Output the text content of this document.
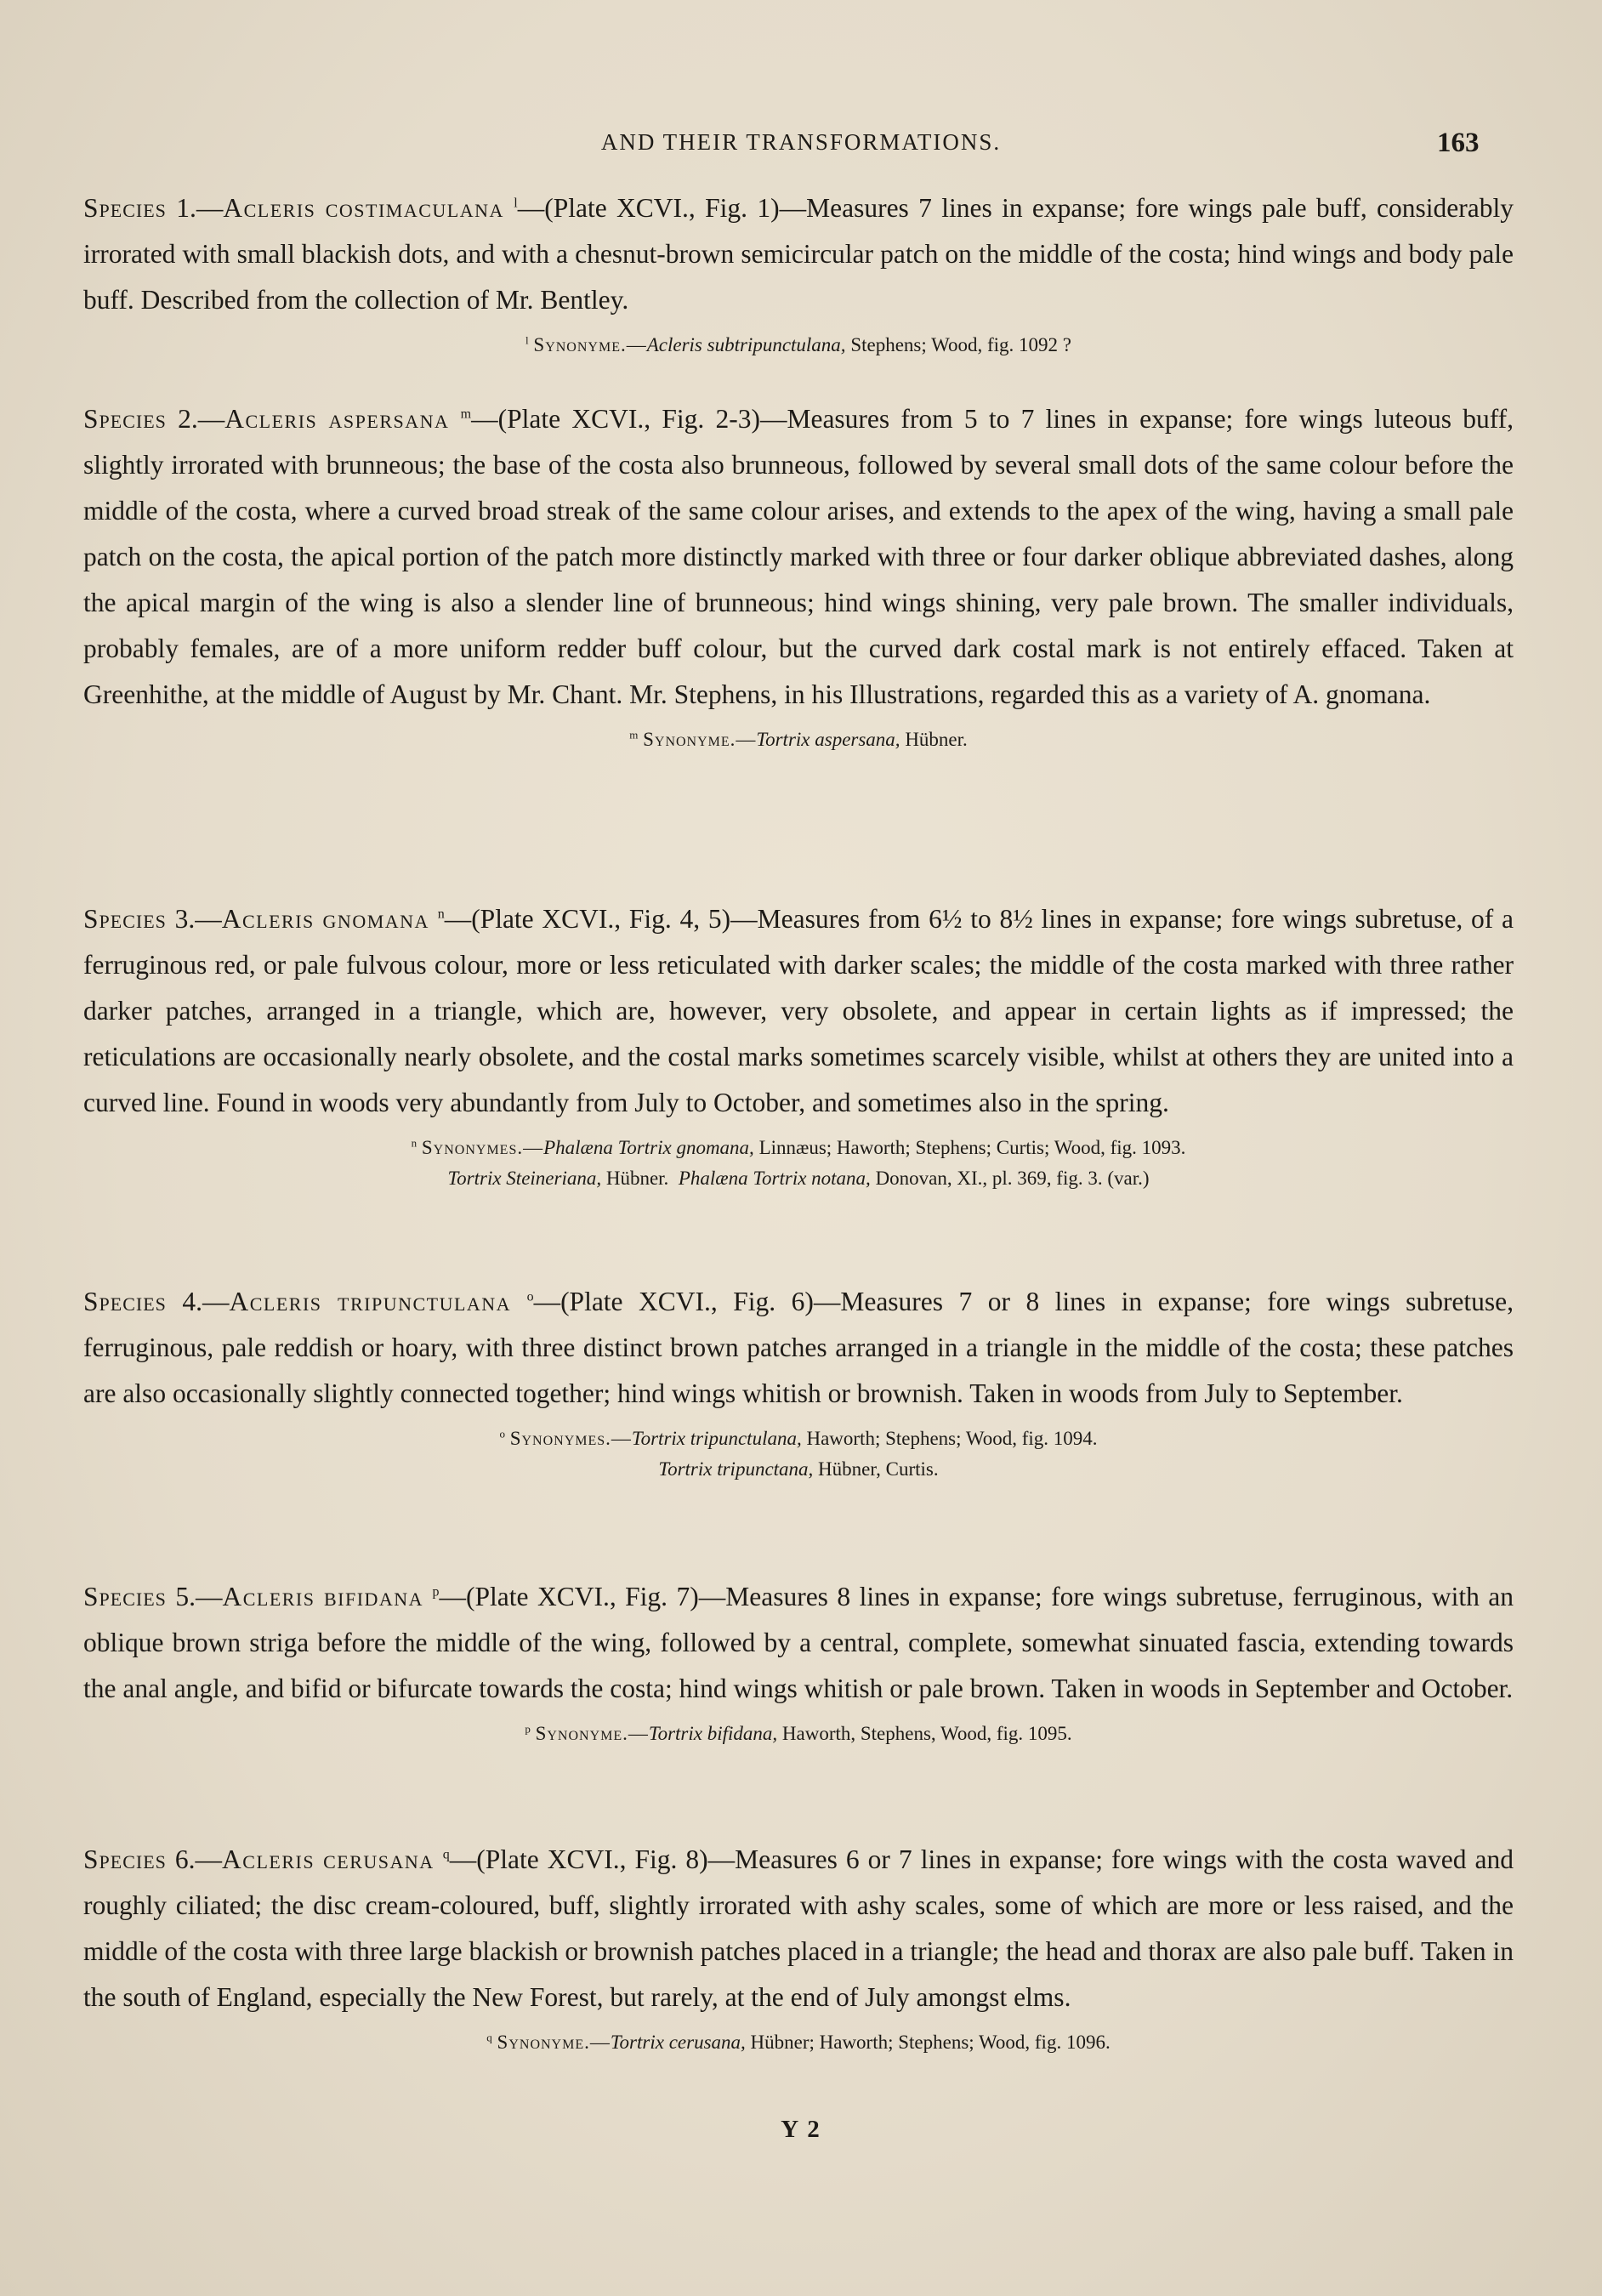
AND THEIR TRANSFORMATIONS.	163

Species 1.—Acleris costimaculana $^l$—(Plate XCVI., Fig. 1)—Measures 7 lines in expanse; fore wings pale buff, considerably irrorated with small blackish dots, and with a chesnut-brown semicircular patch on the middle of the costa; hind wings and body pale buff. Described from the collection of Mr. Bentley.

$^l$ Synonyme.—Acleris subtripunctulana, Stephens; Wood, fig. 1092 ?

Species 2.—Acleris aspersana $^m$—(Plate XCVI., Fig. 2-3)—Measures from 5 to 7 lines in expanse; fore wings luteous buff, slightly irrorated with brunneous; the base of the costa also brunneous, followed by several small dots of the same colour before the middle of the costa, where a curved broad streak of the same colour arises, and extends to the apex of the wing, having a small pale patch on the costa, the apical portion of the patch more distinctly marked with three or four darker oblique abbreviated dashes, along the apical margin of the wing is also a slender line of brunneous; hind wings shining, very pale brown. The smaller individuals, probably females, are of a more uniform redder buff colour, but the curved dark costal mark is not entirely effaced. Taken at Greenhithe, at the middle of August by Mr. Chant. Mr. Stephens, in his Illustrations, regarded this as a variety of A. gnomana.

$^m$ Synonyme.—Tortrix aspersana, Hübner.

Species 3.—Acleris gnomana $^n$—(Plate XCVI., Fig. 4, 5)—Measures from 6½ to 8½ lines in expanse; fore wings subretuse, of a ferruginous red, or pale fulvous colour, more or less reticulated with darker scales; the middle of the costa marked with three rather darker patches, arranged in a triangle, which are, however, very obsolete, and appear in certain lights as if impressed; the reticulations are occasionally nearly obsolete, and the costal marks sometimes scarcely visible, whilst at others they are united into a curved line. Found in woods very abundantly from July to October, and sometimes also in the spring.

$^n$ Synonymes.—Phalæna Tortrix gnomana, Linnæus; Haworth; Stephens; Curtis; Wood, fig. 1093.

Tortrix Steineriana, Hübner. Phalæna Tortrix notana, Donovan, XI., pl. 369, fig. 3. (var.)

Species 4.—Acleris tripunctulana $^o$—(Plate XCVI., Fig. 6)—Measures 7 or 8 lines in expanse; fore wings subretuse, ferruginous, pale reddish or hoary, with three distinct brown patches arranged in a triangle in the middle of the costa; these patches are also occasionally slightly connected together; hind wings whitish or brownish. Taken in woods from July to September.

$^o$ Synonymes.—Tortrix tripunctulana, Haworth; Stephens; Wood, fig. 1094.

Tortrix tripunctana, Hübner, Curtis.

Species 5.—Acleris bifidana $^p$—(Plate XCVI., Fig. 7)—Measures 8 lines in expanse; fore wings subretuse, ferruginous, with an oblique brown striga before the middle of the wing, followed by a central, complete, somewhat sinuated fascia, extending towards the anal angle, and bifid or bifurcate towards the costa; hind wings whitish or pale brown. Taken in woods in September and October.

$^p$ Synonyme.—Tortrix bifidana, Haworth, Stephens, Wood, fig. 1095.

Species 6.—Acleris cerusana $^q$—(Plate XCVI., Fig. 8)—Measures 6 or 7 lines in expanse; fore wings with the costa waved and roughly ciliated; the disc cream-coloured, buff, slightly irrorated with ashy scales, some of which are more or less raised, and the middle of the costa with three large blackish or brownish patches placed in a triangle; the head and thorax are also pale buff. Taken in the south of England, especially the New Forest, but rarely, at the end of July amongst elms.

$^q$ Synonyme.—Tortrix cerusana, Hübner; Haworth; Stephens; Wood, fig. 1096.

Y 2
